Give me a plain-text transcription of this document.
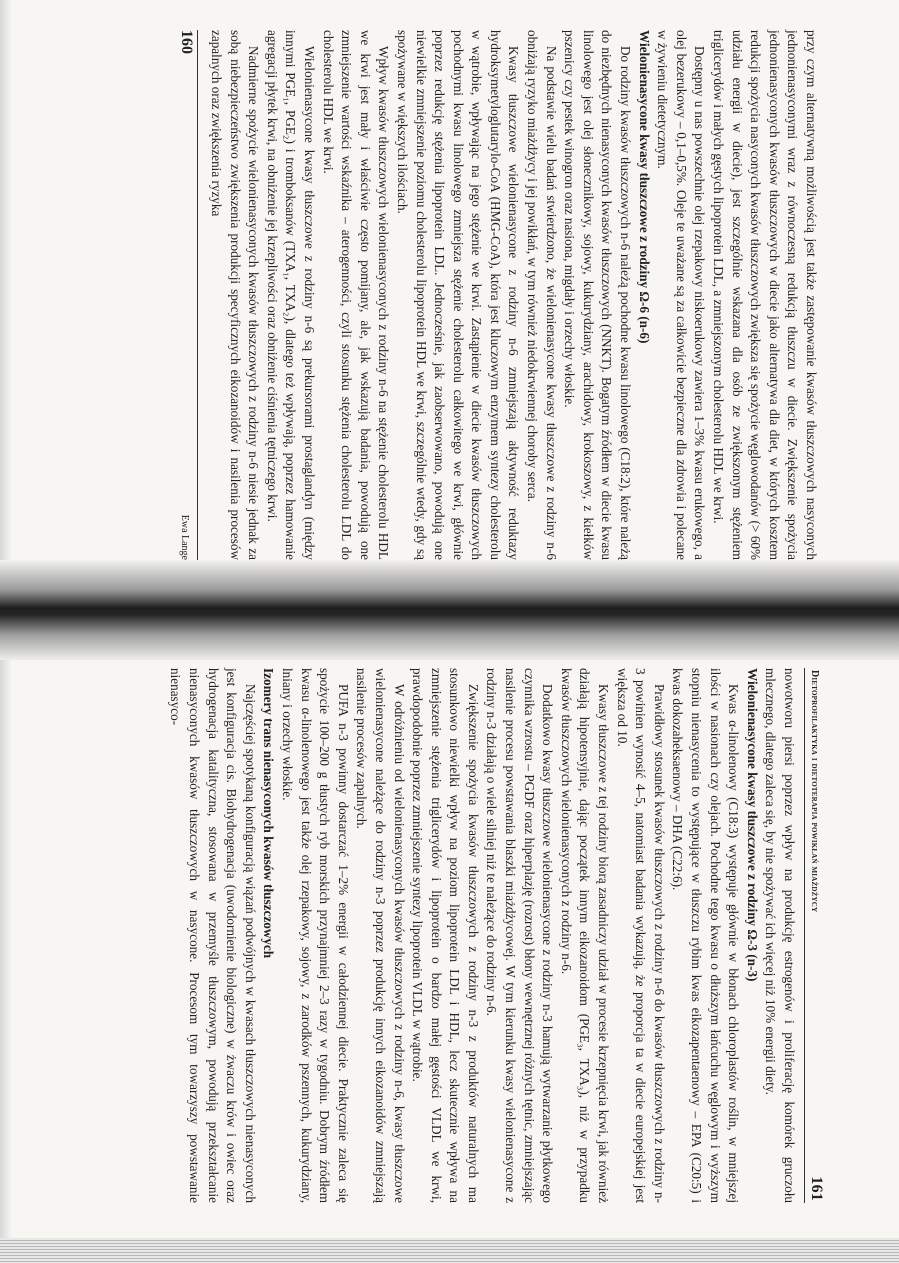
przy czym alternatywną możliwością jest także zastępowanie kwasów tłuszczowych nasyconych jednonienasyconymi wraz z równoczesną redukcją tłuszczu w diecie. Zwiększenie spożycia jednonienasyconych kwasów tłuszczowych w diecie jako alternatywa dla diet, w których kosztem redukcji spożycia nasyconych kwasów tłuszczowych zwiększa się spożycie węglowodanów (> 60% udziału energii w diecie), jest szczególnie wskazana dla osób ze zwiększonym stężeniem triglicerydów i małych gęstych lipoprotein LDL, a zmniejszonym cholesterolu HDL we krwi.

Dostępny u nas powszechnie olej rzepakowy niskoerukowy zawiera 1–3% kwasu erukowego, a olej bezerukowy – 0,1–0,5%. Oleje te uważane są za całkowicie bezpieczne dla zdrowia i polecane w żywieniu dietetycznym.

Wielonienasycone kwasy tłuszczowe z rodziny Ω-6 (n-6)

Do rodziny kwasów tłuszczowych n-6 należą pochodne kwasu linolowego (C18:2), które należą do niezbędnych nienasyconych kwasów tłuszczowych (NNKT). Bogatym źródłem w diecie kwasu linolowego jest olej słonecznikowy, sojowy, kukurydziany, arachidowy, krokoszowy, z kiełków pszenicy czy pestek winogron oraz nasiona, migdały i orzechy włoskie.

Na podstawie wielu badań stwierdzono, że wielonienasycone kwasy tłuszczowe z rodziny n-6 obniżają ryzyko miażdżycy i jej powikłań, w tym również niedokrwiennej choroby serca.

Kwasy tłuszczowe wielonienasycone z rodziny n-6 zmniejszają aktywność reduktazy hydroksymetyloglutarylo-CoA (HMG-CoA), która jest kluczowym enzymem syntezy cholesterolu w wątrobie, wpływając na jego stężenie we krwi. Zastąpienie w diecie kwasów tłuszczowych pochodnymi kwasu linolowego zmniejsza stężenie cholesterolu całkowitego we krwi, głównie poprzez redukcję stężenia lipoprotein LDL. Jednocześnie, jak zaobserwowano, powodują one niewielkie zmniejszenie poziomu cholesterolu lipoprotein HDL we krwi, szczególnie wtedy, gdy są spożywane w większych ilościach.

Wpływ kwasów tłuszczowych wielonienasyconych z rodziny n-6 na stężenie cholesterolu HDL we krwi jest mały i właściwie często pomijany, ale, jak wskazują badania, powodują one zmniejszenie wartości wskaźnika – aterogenności, czyli stosunku stężenia cholesterolu LDL do cholesterolu HDL we krwi.

Wielonienasycone kwasy tłuszczowe z rodziny n-6 są prekursorami prostaglandyn (między innymi PGE₁, PGE₂) i tromboksanów (TXA₁, TXA₂), dlatego też wpływają, poprzez hamowanie agregacji płytek krwi, na obniżenie jej krzepliwości oraz obniżenie ciśnienia tętniczego krwi.

Nadmierne spożycie wielonienasyconych kwasów tłuszczowych z rodziny n-6 niesie jednak za sobą niebezpieczeństwo zwiększenia produkcji specyficznych eikozanoidów i nasilenia procesów zapalnych oraz zwiększenia ryzyka

160
Ewa Lange
Dietoprofilaktyka i dietoterapia powikłań miażdżycy
161

nowotworu piersi poprzez wpływ na produkcję estrogenów i proliferację komórek gruczołu mlecznego, dlatego zaleca się, by nie spożywać ich więcej niż 10% energii diety.

Wielonienasycone kwasy tłuszczowe z rodziny Ω-3 (n-3)

Kwas α-linolenowy (C18:3) występuje głównie w błonach chloroplastów roślin, w mniejszej ilości w nasionach czy olejach. Pochodne tego kwasu o dłuższym łańcuchu węglowym i wyższym stopniu nienasycenia to występujące w tłuszczu rybim kwas eikozapentaenowy – EPA (C20:5) i kwas dokozaheksaenowy – DHA (C22:6).

Prawidłowy stosunek kwasów tłuszczowych z rodziny n-6 do kwasów tłuszczowych z rodziny n-3 powinien wynosić 4–5, natomiast badania wykazują, że proporcja ta w diecie europejskiej jest większa od 10.

Kwasy tłuszczowe z tej rodziny biorą zasadniczy udział w procesie krzepnięcia krwi, jak również działają hipotensyjnie, dając początek innym eikozanoidom (PGE₃, TXA₃), niż w przypadku kwasów tłuszczowych wielonienasyconych z rodziny n-6.

Dodatkowo kwasy tłuszczowe wielonienasycone z rodziny n-3 hamują wytwarzanie płytkowego czynnika wzrostu – PGDF oraz hiperplazję (rozrost) błony wewnętrznej różnych tętnic, zmniejszając nasilenie procesu powstawania blaszki miażdżycowej. W tym kierunku kwasy wielonienasycone z rodziny n-3 działają o wiele silniej niż te należące do rodziny n-6.

Zwiększenie spożycia kwasów tłuszczowych z rodziny n-3 z produktów naturalnych ma stosunkowo niewielki wpływ na poziom lipoprotein LDL i HDL, lecz skutecznie wpływa na zmniejszenie stężenia triglicerydów i lipoprotein o bardzo małej gęstości VLDL we krwi, prawdopodobnie poprzez zmniejszenie syntezy lipoprotein VLDL w wątrobie.

W odróżnieniu od wielonienasyconych kwasów tłuszczowych z rodziny n-6, kwasy tłuszczowe wielonienasycone należące do rodziny n-3 poprzez produkcję innych eikozanoidów zmniejszają nasilenie procesów zapalnych.

PUFA n-3 powinny dostarczać 1–2% energii w całodziennej diecie. Praktycznie zaleca się spożycie 100–200 g tłustych ryb morskich przynajmniej 2–3 razy w tygodniu. Dobrym źródłem kwasu α-linolenowego jest także olej rzepakowy, sojowy, z zarodków pszennych, kukurydziany, lniany i orzechy włoskie.

Izomery trans nienasyconych kwasów tłuszczowych

Najczęściej spotykaną konfiguracją wiązań podwójnych w kwasach tłuszczowych nienasyconych jest konfiguracja cis. Biohydrogenacja (uwodornienie biologiczne) w żwaczu krów i owiec oraz hydrogenacja katalityczna, stosowana w przemyśle tłuszczowym, powodują przekształcanie nienasyconych kwasów tłuszczowych w nasycone. Procesom tym towarzyszy powstawanie nienasyco-
